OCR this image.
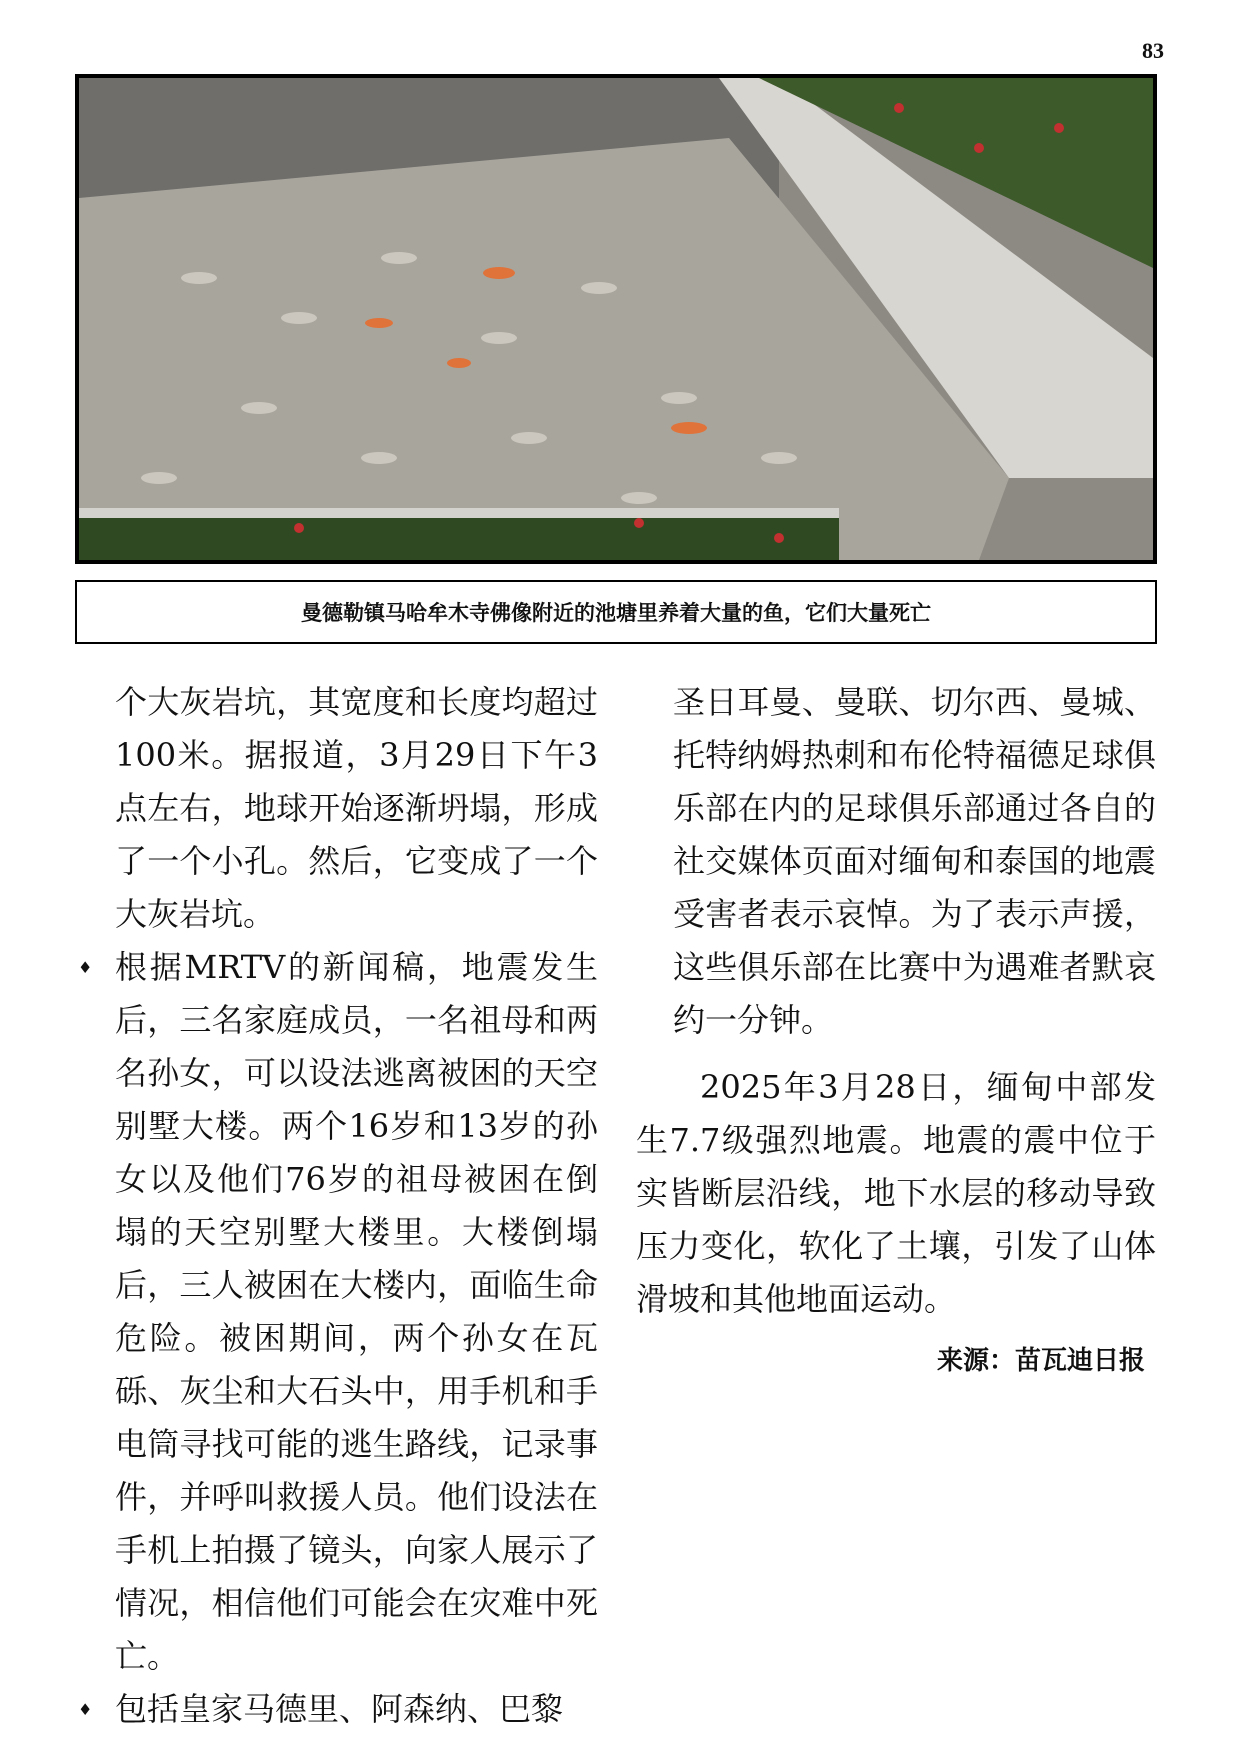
83
曼德勒镇马哈牟木寺佛像附近的池塘里养着大量的鱼，它们大量死亡

个大灰岩坑，其宽度和长度均超过100米。据报道，3月29日下午3点左右，地球开始逐渐坍塌，形成了一个小孔。然后，它变成了一个大灰岩坑。

♦ 根据MRTV的新闻稿，地震发生后，三名家庭成员，一名祖母和两名孙女，可以设法逃离被困的天空别墅大楼。两个16岁和13岁的孙女以及他们76岁的祖母被困在倒塌的天空别墅大楼里。大楼倒塌后，三人被困在大楼内，面临生命危险。被困期间，两个孙女在瓦砾、灰尘和大石头中，用手机和手电筒寻找可能的逃生路线，记录事件，并呼叫救援人员。他们设法在手机上拍摄了镜头，向家人展示了情况，相信他们可能会在灾难中死亡。
♦ 包括皇家马德里、阿森纳、巴黎

圣日耳曼、曼联、切尔西、曼城、托特纳姆热刺和布伦特福德足球俱乐部在内的足球俱乐部通过各自的社交媒体页面对缅甸和泰国的地震受害者表示哀悼。为了表示声援，这些俱乐部在比赛中为遇难者默哀约一分钟。

2025年3月28日，缅甸中部发生7.7级强烈地震。地震的震中位于实皆断层沿线，地下水层的移动导致压力变化，软化了土壤，引发了山体滑坡和其他地面运动。

来源：苗瓦迪日报
